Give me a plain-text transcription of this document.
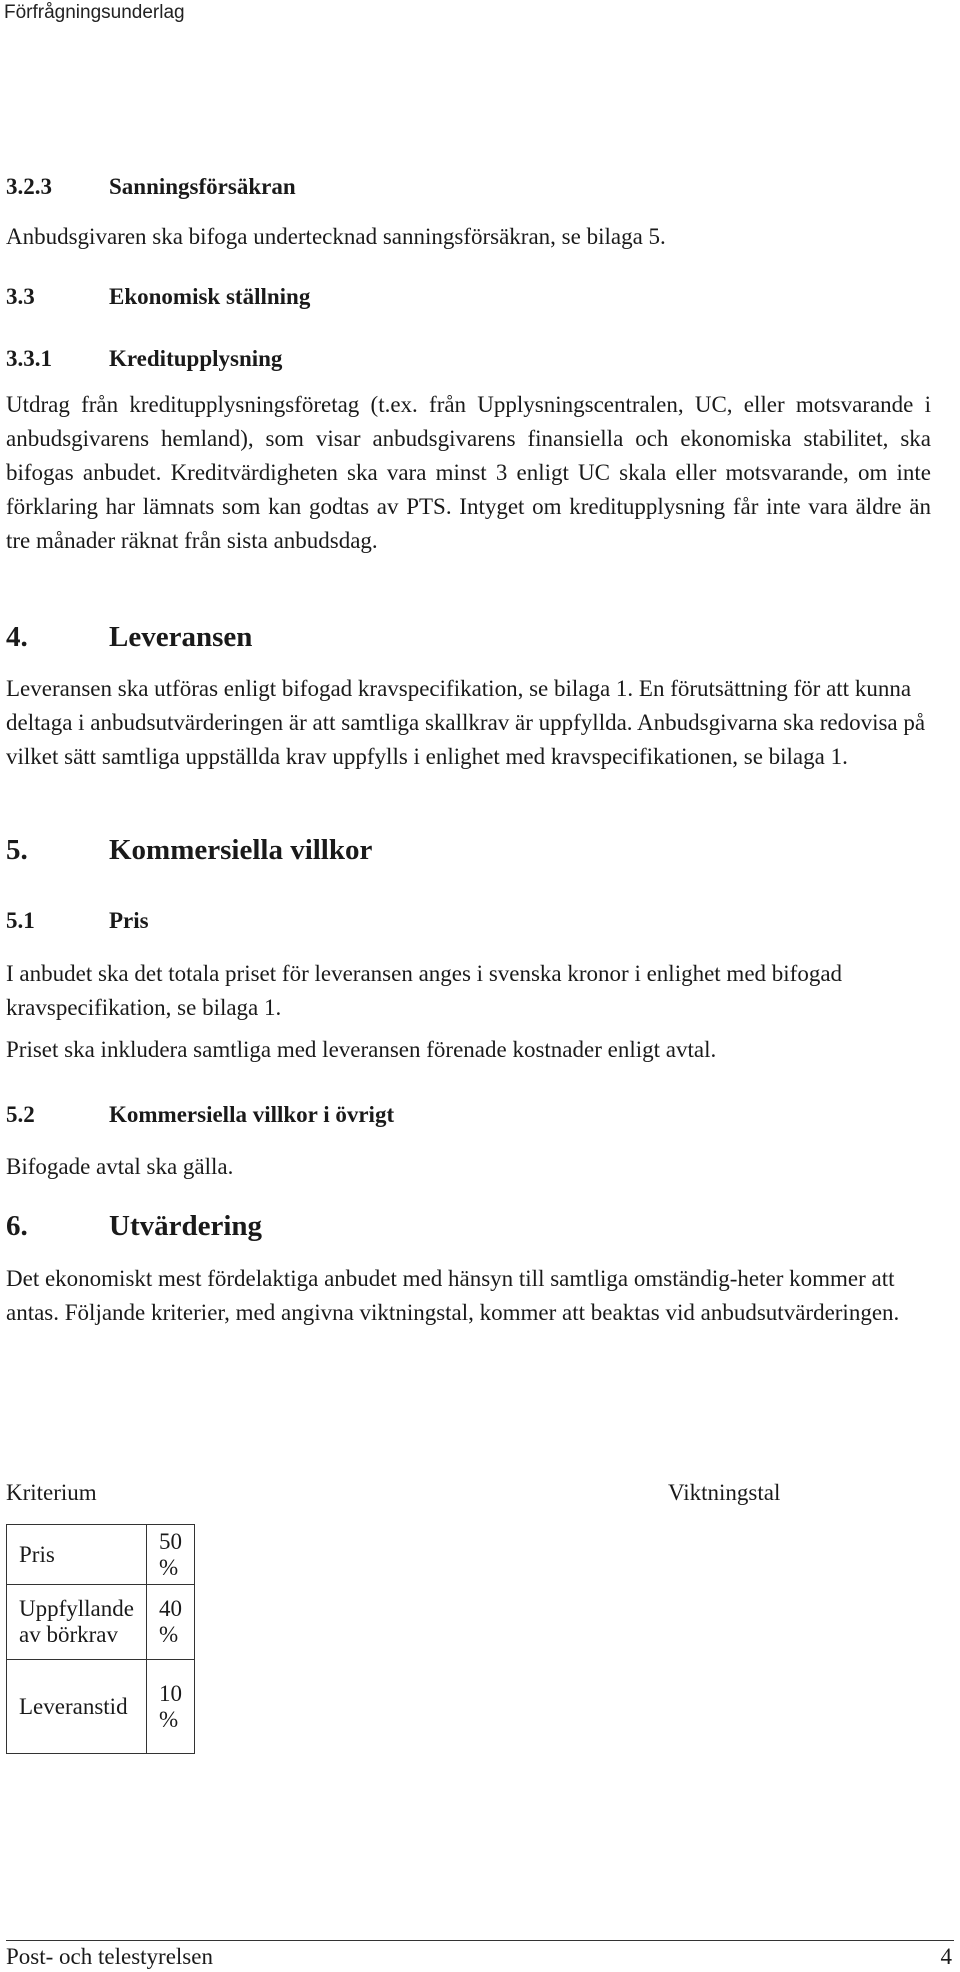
Förfrågningsunderlag
3.2.3 Sanningsförsäkran

Anbudsgivaren ska bifoga undertecknad sanningsförsäkran, se bilaga 5.

3.3	Ekonomisk ställning
3.3.1 Kreditupplysning

Utdrag från kreditupplysningsföretag (t.ex. från Upplysningscentralen, UC, eller motsvarande i anbudsgivarens hemland), som visar anbudsgivarens finansiella och ekonomiska stabilitet, ska bifogas anbudet. Kreditvärdigheten ska vara minst 3 enligt UC skala eller motsvarande, om inte förklaring har lämnats som kan godtas av PTS. Intyget om kreditupplysning får inte vara äldre än tre månader räknat från sista anbudsdag.

4.	Leveransen

Leveransen ska utföras enligt bifogad kravspecifikation, se bilaga 1. En förutsättning för att kunna deltaga i anbudsutvärderingen är att samtliga skallkrav är uppfyllda. Anbudsgivarna ska redovisa på vilket sätt samtliga uppställda krav uppfylls i enlighet med kravspecifikationen, se bilaga 1.

5.	Kommersiella villkor
5.1	Pris

I anbudet ska det totala priset för leveransen anges i svenska kronor i enlighet med bifogad kravspecifikation, se bilaga 1.

Priset ska inkludera samtliga med leveransen förenade kostnader enligt avtal.

5.2	Kommersiella villkor i övrigt

Bifogade avtal ska gälla.

6.	Utvärdering

Det ekonomiskt mest fördelaktiga anbudet med hänsyn till samtliga omständig-heter kommer att antas. Följande kriterier, med angivna viktningstal, kommer att beaktas vid anbudsutvärderingen.

Kriterium	Viktningstal
Pris	50 %
Uppfyllande av börkrav	40 %
Leveranstid	10 %
Post- och telestyrelsen	4
